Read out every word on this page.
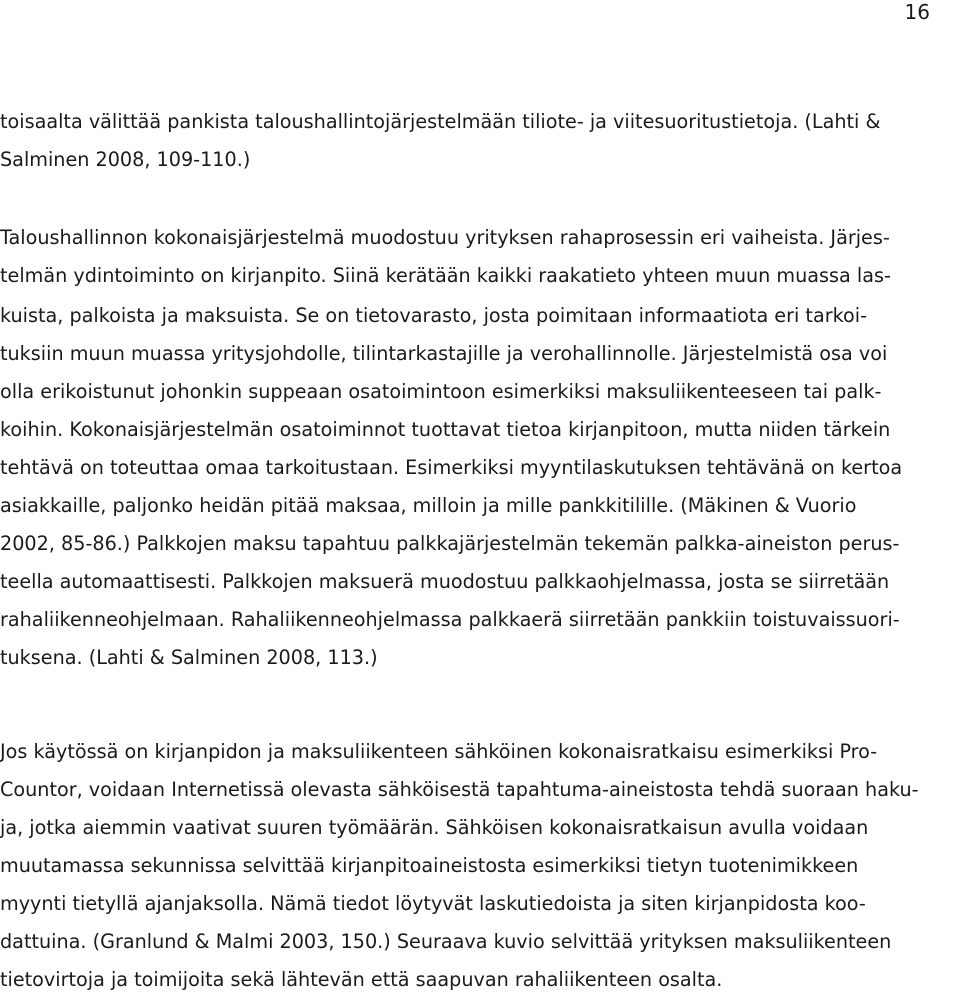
16
toisaalta välittää pankista taloushallintojärjestelmään tiliote- ja viitesuoritustietoja. (Lahti &
Salminen 2008, 109-110.)
Taloushallinnon kokonaisjärjestelmä muodostuu yrityksen rahaprosessin eri vaiheista. Järjes-
telmän ydintoiminto on kirjanpito. Siinä kerätään kaikki raakatieto yhteen muun muassa las-
kuista, palkoista ja maksuista. Se on tietovarasto, josta poimitaan informaatiota eri tarkoi-
tuksiin muun muassa yritysjohdolle, tilintarkastajille ja verohallinnolle. Järjestelmistä osa voi
olla erikoistunut johonkin suppeaan osatoimintoon esimerkiksi maksuliikenteeseen tai palk-
koihin. Kokonaisjärjestelmän osatoiminnot tuottavat tietoa kirjanpitoon, mutta niiden tärkein
tehtävä on toteuttaa omaa tarkoitustaan. Esimerkiksi myyntilaskutuksen tehtävänä on kertoa
asiakkaille, paljonko heidän pitää maksaa, milloin ja mille pankkitilille. (Mäkinen & Vuorio
2002, 85-86.) Palkkojen maksu tapahtuu palkkajärjestelmän tekemän palkka-aineiston perus-
teella automaattisesti. Palkkojen maksuerä muodostuu palkkaohjelmassa, josta se siirretään
rahaliikenneohjelmaan. Rahaliikenneohjelmassa palkkaerä siirretään pankkiin toistuvaissuori-
tuksena. (Lahti & Salminen 2008, 113.)
Jos käytössä on kirjanpidon ja maksuliikenteen sähköinen kokonaisratkaisu esimerkiksi Pro-
Countor, voidaan Internetissä olevasta sähköisestä tapahtuma-aineistosta tehdä suoraan haku-
ja, jotka aiemmin vaativat suuren työmäärän. Sähköisen kokonaisratkaisun avulla voidaan
muutamassa sekunnissa selvittää kirjanpitoaineistosta esimerkiksi tietyn tuotenimikkeen
myynti tietyllä ajanjaksolla. Nämä tiedot löytyvät laskutiedoista ja siten kirjanpidosta koo-
dattuina. (Granlund & Malmi 2003, 150.) Seuraava kuvio selvittää yrityksen maksuliikenteen
tietovirtoja ja toimijoita sekä lähtevän että saapuvan rahaliikenteen osalta.
